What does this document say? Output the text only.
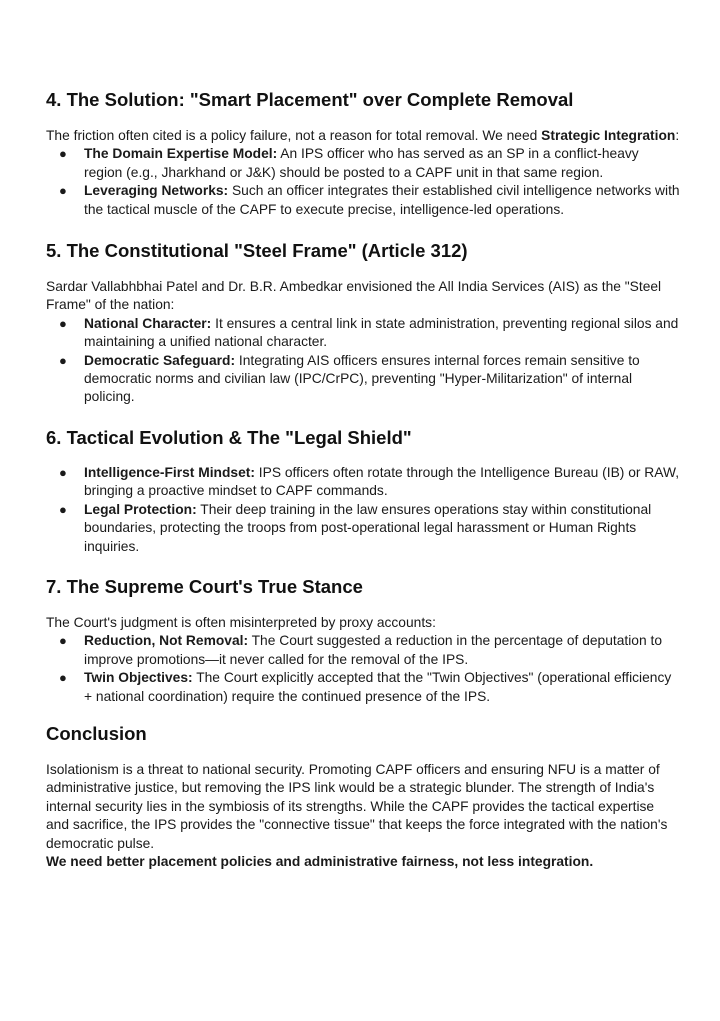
4. The Solution: "Smart Placement" over Complete Removal

The friction often cited is a policy failure, not a reason for total removal. We need Strategic Integration:

● The Domain Expertise Model: An IPS officer who has served as an SP in a conflict-heavy region (e.g., Jharkhand or J&K) should be posted to a CAPF unit in that same region.
● Leveraging Networks: Such an officer integrates their established civil intelligence networks with the tactical muscle of the CAPF to execute precise, intelligence-led operations.
5. The Constitutional "Steel Frame" (Article 312)

Sardar Vallabhbhai Patel and Dr. B.R. Ambedkar envisioned the All India Services (AIS) as the "Steel Frame" of the nation:

● National Character: It ensures a central link in state administration, preventing regional silos and maintaining a unified national character.
● Democratic Safeguard: Integrating AIS officers ensures internal forces remain sensitive to democratic norms and civilian law (IPC/CrPC), preventing "Hyper-Militarization" of internal policing.
6. Tactical Evolution & The "Legal Shield"
● Intelligence-First Mindset: IPS officers often rotate through the Intelligence Bureau (IB) or RAW, bringing a proactive mindset to CAPF commands.
● Legal Protection: Their deep training in the law ensures operations stay within constitutional boundaries, protecting the troops from post-operational legal harassment or Human Rights inquiries.
7. The Supreme Court's True Stance

The Court's judgment is often misinterpreted by proxy accounts:

● Reduction, Not Removal: The Court suggested a reduction in the percentage of deputation to improve promotions—it never called for the removal of the IPS.
● Twin Objectives: The Court explicitly accepted that the "Twin Objectives" (operational efficiency + national coordination) require the continued presence of the IPS.
Conclusion

Isolationism is a threat to national security. Promoting CAPF officers and ensuring NFU is a matter of administrative justice, but removing the IPS link would be a strategic blunder. The strength of India's internal security lies in the symbiosis of its strengths. While the CAPF provides the tactical expertise and sacrifice, the IPS provides the "connective tissue" that keeps the force integrated with the nation's democratic pulse.

We need better placement policies and administrative fairness, not less integration.
